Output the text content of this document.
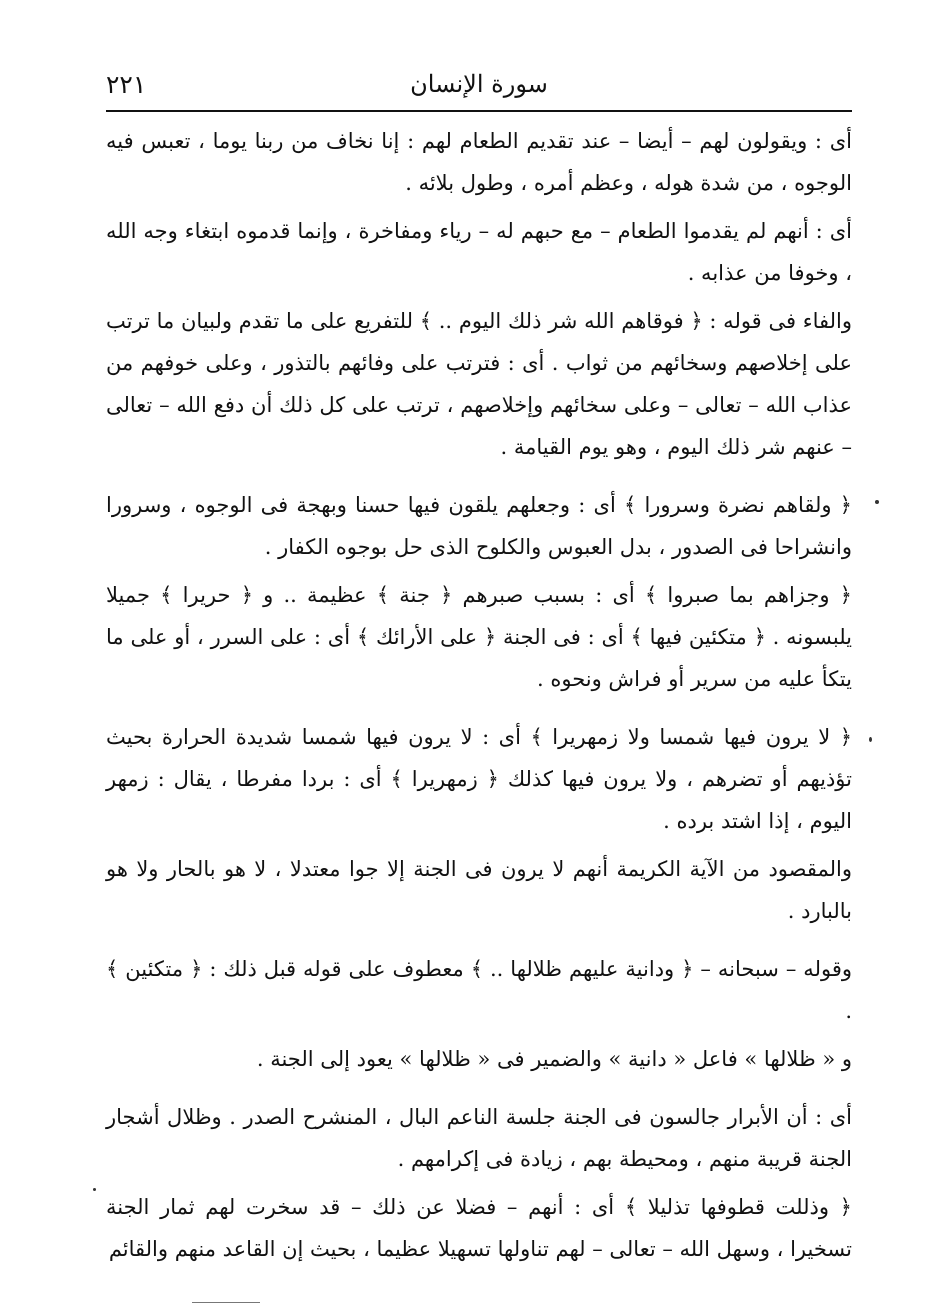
سورة الإنسان
٢٢١

أى : ويقولون لهم – أيضا – عند تقديم الطعام لهم : إنا نخاف من ربنا يوما ، تعبس فيه الوجوه ، من شدة هوله ، وعظم أمره ، وطول بلائه .

أى : أنهم لم يقدموا الطعام – مع حبهم له – رياء ومفاخرة ، وإنما قدموه ابتغاء وجه الله ، وخوفا من عذابه .

والفاء فى قوله : ﴿ فوقاهم الله شر ذلك اليوم .. ﴾ للتفريع على ما تقدم ولبيان ما ترتب على إخلاصهم وسخائهم من ثواب . أى : فترتب على وفائهم بالتذور ، وعلى خوفهم من عذاب الله – تعالى – وعلى سخائهم وإخلاصهم ، ترتب على كل ذلك أن دفع الله – تعالى – عنهم شر ذلك اليوم ، وهو يوم القيامة .

﴿ ولقاهم نضرة وسرورا ﴾ أى : وجعلهم يلقون فيها حسنا وبهجة فى الوجوه ، وسرورا وانشراحا فى الصدور ، بدل العبوس والكلوح الذى حل بوجوه الكفار .

﴿ وجزاهم بما صبروا ﴾ أى : بسبب صبرهم ﴿ جنة ﴾ عظيمة .. و ﴿ حريرا ﴾ جميلا يلبسونه . ﴿ متكئين فيها ﴾ أى : فى الجنة ﴿ على الأرائك ﴾ أى : على السرر ، أو على ما يتكأ عليه من سرير أو فراش ونحوه .

﴿ لا يرون فيها شمسا ولا زمهريرا ﴾ أى : لا يرون فيها شمسا شديدة الحرارة بحيث تؤذيهم أو تضرهم ، ولا يرون فيها كذلك ﴿ زمهريرا ﴾ أى : بردا مفرطا ، يقال : زمهر اليوم ، إذا اشتد برده .

والمقصود من الآية الكريمة أنهم لا يرون فى الجنة إلا جوا معتدلا ، لا هو بالحار ولا هو بالبارد .

وقوله – سبحانه – ﴿ ودانية عليهم ظلالها .. ﴾ معطوف على قوله قبل ذلك : ﴿ متكئين ﴾ .

و « ظلالها » فاعل « دانية » والضمير فى « ظلالها » يعود إلى الجنة .

أى : أن الأبرار جالسون فى الجنة جلسة الناعم البال ، المنشرح الصدر . وظلال أشجار الجنة قريبة منهم ، ومحيطة بهم ، زيادة فى إكرامهم .

﴿ وذللت قطوفها تذليلا ﴾ أى : أنهم – فضلا عن ذلك – قد سخرت لهم ثمار الجنة تسخيرا ، وسهل الله – تعالى – لهم تناولها تسهيلا عظيما ، بحيث إن القاعد منهم والقائم
